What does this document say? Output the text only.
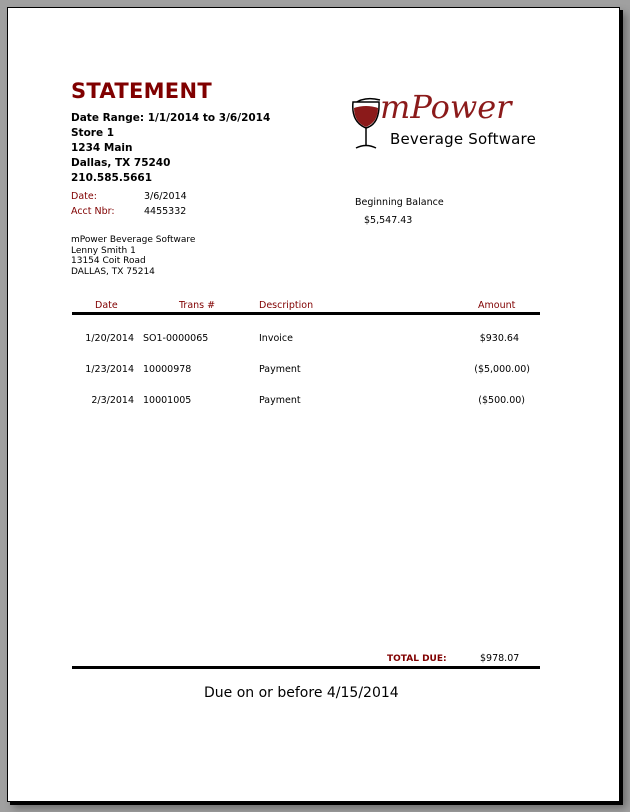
STATEMENT
Date Range: 1/1/2014 to 3/6/2014
Store 1
1234 Main
Dallas, TX 75240
210.585.5661
Date:	3/6/2014
Acct Nbr:	4455332
mPower
Beverage Software
Beginning Balance
$5,547.43
mPower Beverage Software
Lenny Smith 1
13154 Coit Road
DALLAS, TX 75214
Date	Trans #	Description	Amount
1/20/2014 SO1-0000065	Invoice	$930.64
1/23/2014 10000978	Payment	($5,000.00)
2/3/2014 10001005	Payment	($500.00)
TOTAL DUE:	$978.07
Due on or before 4/15/2014
